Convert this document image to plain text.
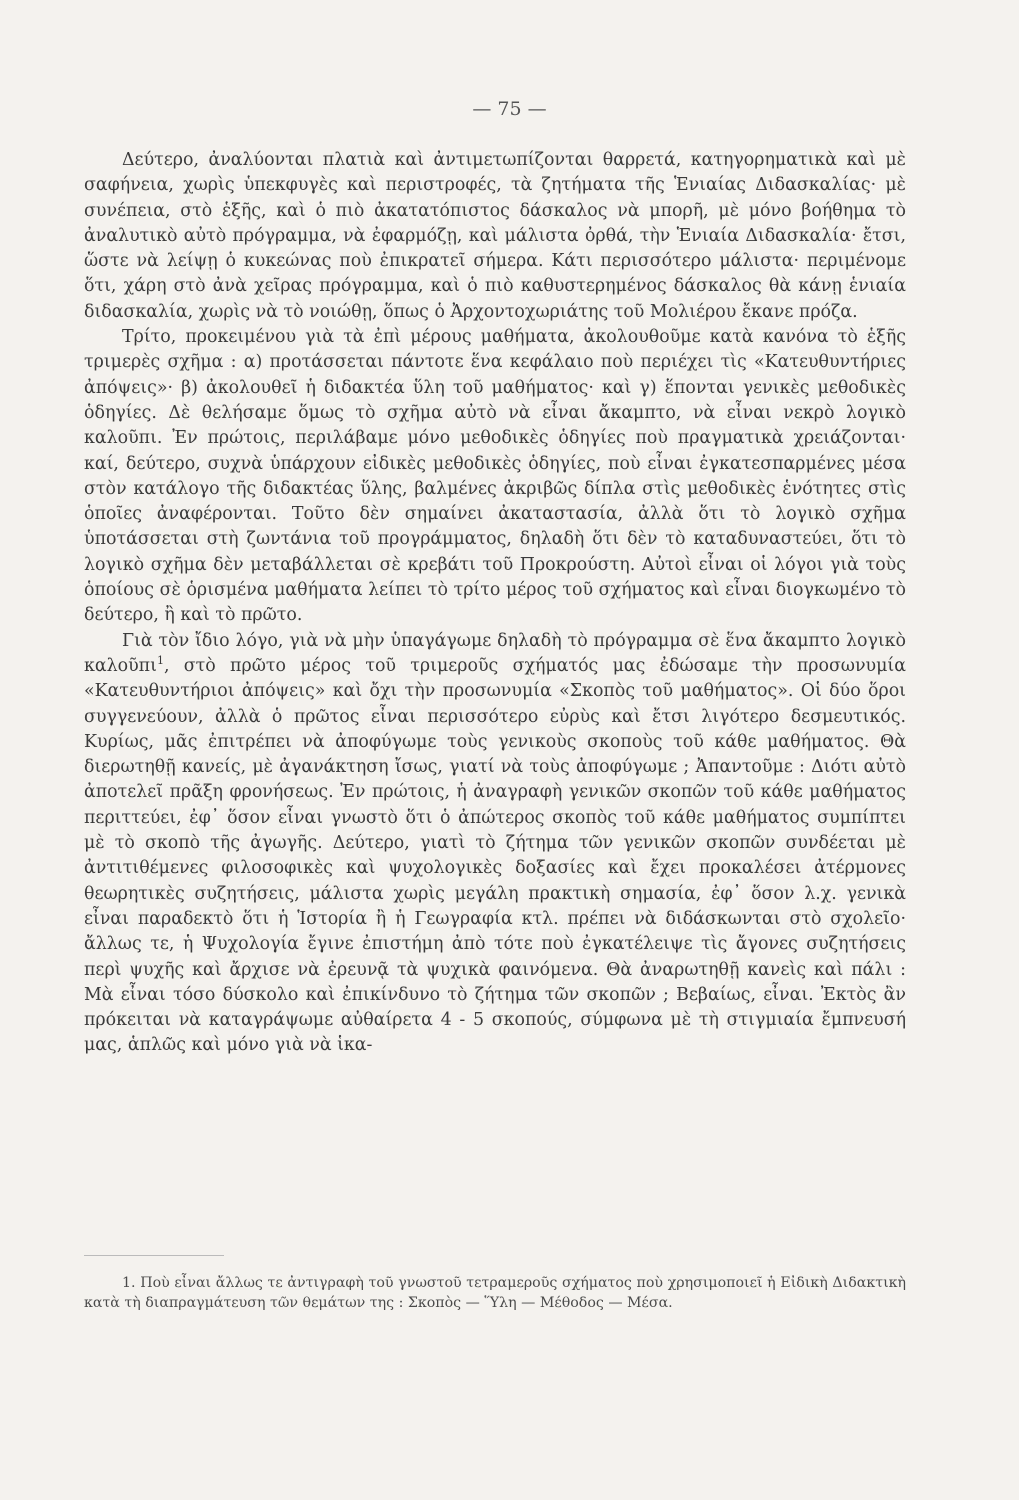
— 75 —

Δεύτερο, ἀναλύονται πλατιὰ καὶ ἀντιμετωπίζονται θαρρετά, κατηγορηματικὰ καὶ μὲ σαφήνεια, χωρὶς ὑπεκφυγὲς καὶ περιστροφές, τὰ ζητήματα τῆς Ἑνιαίας Διδασκαλίας· μὲ συνέπεια, στὸ ἑξῆς, καὶ ὁ πιὸ ἀκατατόπιστος δάσκαλος νὰ μπορῆ, μὲ μόνο βοήθημα τὸ ἀναλυτικὸ αὐτὸ πρόγραμμα, νὰ ἐφαρμόζῃ, καὶ μάλιστα ὀρθά, τὴν Ἑνιαία Διδασκαλία· ἔτσι, ὥστε νὰ λείψῃ ὁ κυκεώνας ποὺ ἐπικρατεῖ σήμερα. Κάτι περισσότερο μάλιστα· περιμένομε ὅτι, χάρη στὸ ἀνὰ χεῖρας πρόγραμμα, καὶ ὁ πιὸ καθυστερημένος δάσκαλος θὰ κάνῃ ἑνιαία διδασκαλία, χωρὶς νὰ τὸ νοιώθῃ, ὅπως ὁ Ἀρχοντοχωριάτης τοῦ Μολιέρου ἔκανε πρόζα.

Τρίτο, προκειμένου γιὰ τὰ ἐπὶ μέρους μαθήματα, ἀκολουθοῦμε κατὰ κανόνα τὸ ἑξῆς τριμερὲς σχῆμα : α) προτάσσεται πάντοτε ἕνα κεφάλαιο ποὺ περιέχει τὶς «Κατευθυντήριες ἀπόψεις»· β) ἀκολουθεῖ ἡ διδακτέα ὕλη τοῦ μαθήματος· καὶ γ) ἕπονται γενικὲς μεθοδικὲς ὁδηγίες. Δὲ θελήσαμε ὅμως τὸ σχῆμα αὐτὸ νὰ εἶναι ἄκαμπτο, νὰ εἶναι νεκρὸ λογικὸ καλοῦπι. Ἐν πρώτοις, περιλάβαμε μόνο μεθοδικὲς ὁδηγίες ποὺ πραγματικὰ χρειάζονται· καί, δεύτερο, συχνὰ ὑπάρχουν εἰδικὲς μεθοδικὲς ὁδηγίες, ποὺ εἶναι ἐγκατεσπαρμένες μέσα στὸν κατάλογο τῆς διδακτέας ὕλης, βαλμένες ἀκριβῶς δίπλα στὶς μεθοδικὲς ἑνότητες στὶς ὁποῖες ἀναφέρονται. Τοῦτο δὲν σημαίνει ἀκαταστασία, ἀλλὰ ὅτι τὸ λογικὸ σχῆμα ὑποτάσσεται στὴ ζωντάνια τοῦ προγράμματος, δηλαδὴ ὅτι δὲν τὸ καταδυναστεύει, ὅτι τὸ λογικὸ σχῆμα δὲν μεταβάλλεται σὲ κρεβάτι τοῦ Προκρούστη. Αὐτοὶ εἶναι οἱ λόγοι γιὰ τοὺς ὁποίους σὲ ὁρισμένα μαθήματα λείπει τὸ τρίτο μέρος τοῦ σχήματος καὶ εἶναι διογκωμένο τὸ δεύτερο, ἢ καὶ τὸ πρῶτο.

Γιὰ τὸν ἴδιο λόγο, γιὰ νὰ μὴν ὑπαγάγωμε δηλαδὴ τὸ πρόγραμμα σὲ ἕνα ἄκαμπτο λογικὸ καλοῦπι$^1$, στὸ πρῶτο μέρος τοῦ τριμεροῦς σχήματός μας ἐδώσαμε τὴν προσωνυμία «Κατευθυντήριοι ἀπόψεις» καὶ ὄχι τὴν προσωνυμία «Σκοπὸς τοῦ μαθήματος». Οἱ δύο ὅροι συγγενεύουν, ἀλλὰ ὁ πρῶτος εἶναι περισσότερο εὐρὺς καὶ ἔτσι λιγότερο δεσμευτικός. Κυρίως, μᾶς ἐπιτρέπει νὰ ἀποφύγωμε τοὺς γενικοὺς σκοποὺς τοῦ κάθε μαθήματος. Θὰ διερωτηθῇ κανείς, μὲ ἀγανάκτηση ἴσως, γιατί νὰ τοὺς ἀποφύγωμε ; Ἀπαντοῦμε : Διότι αὐτὸ ἀποτελεῖ πρᾶξη φρονήσεως. Ἐν πρώτοις, ἡ ἀναγραφὴ γενικῶν σκοπῶν τοῦ κάθε μαθήματος περιττεύει, ἐφ᾽ ὅσον εἶναι γνωστὸ ὅτι ὁ ἀπώτερος σκοπὸς τοῦ κάθε μαθήματος συμπίπτει μὲ τὸ σκοπὸ τῆς ἀγωγῆς. Δεύτερο, γιατὶ τὸ ζήτημα τῶν γενικῶν σκοπῶν συνδέεται μὲ ἀντιτιθέμενες φιλοσοφικὲς καὶ ψυχολογικὲς δοξασίες καὶ ἔχει προκαλέσει ἀτέρμονες θεωρητικὲς συζητήσεις, μάλιστα χωρὶς μεγάλη πρακτικὴ σημασία, ἐφ᾽ ὅσον λ.χ. γενικὰ εἶναι παραδεκτὸ ὅτι ἡ Ἱστορία ἢ ἡ Γεωγραφία κτλ. πρέπει νὰ διδάσκωνται στὸ σχολεῖο· ἄλλως τε, ἡ Ψυχολογία ἔγινε ἐπιστήμη ἀπὸ τότε ποὺ ἐγκατέλειψε τὶς ἄγονες συζητήσεις περὶ ψυχῆς καὶ ἄρχισε νὰ ἐρευνᾷ τὰ ψυχικὰ φαινόμενα. Θὰ ἀναρωτηθῇ κανεὶς καὶ πάλι : Μὰ εἶναι τόσο δύσκολο καὶ ἐπικίνδυνο τὸ ζήτημα τῶν σκοπῶν ; Βεβαίως, εἶναι. Ἐκτὸς ἂν πρόκειται νὰ καταγράψωμε αὐθαίρετα 4 - 5 σκοπούς, σύμφωνα μὲ τὴ στιγμιαία ἔμπνευσή μας, ἁπλῶς καὶ μόνο γιὰ νὰ ἱκα-

1. Ποὺ εἶναι ἄλλως τε ἀντιγραφὴ τοῦ γνωστοῦ τετραμεροῦς σχήματος ποὺ χρησιμοποιεῖ ἡ Εἰδικὴ Διδακτικὴ κατὰ τὴ διαπραγμάτευση τῶν θεμάτων της : Σκοπὸς — Ὕλη — Μέθοδος — Μέσα.
